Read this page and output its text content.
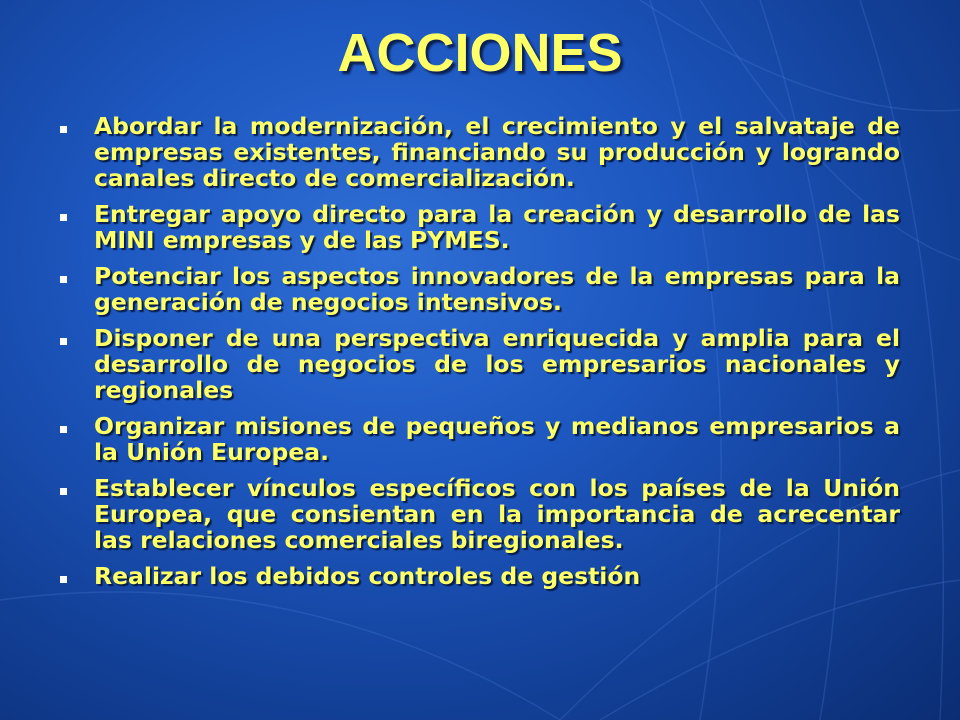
ACCIONES
Abordar la modernización, el crecimiento y el salvataje de empresas existentes, financiando su producción y logrando canales directo de comercialización.
Entregar apoyo directo para la creación y desarrollo de las MINI empresas y de las PYMES.
Potenciar los aspectos innovadores de la empresas para la generación de negocios intensivos.
Disponer de una perspectiva enriquecida y amplia para el desarrollo de negocios de los empresarios nacionales y regionales
Organizar misiones de pequeños y medianos empresarios a la Unión Europea.
Establecer vínculos específicos con los países de la Unión Europea, que consientan en la importancia de acrecentar las relaciones comerciales biregionales.
Realizar los debidos controles de gestión
